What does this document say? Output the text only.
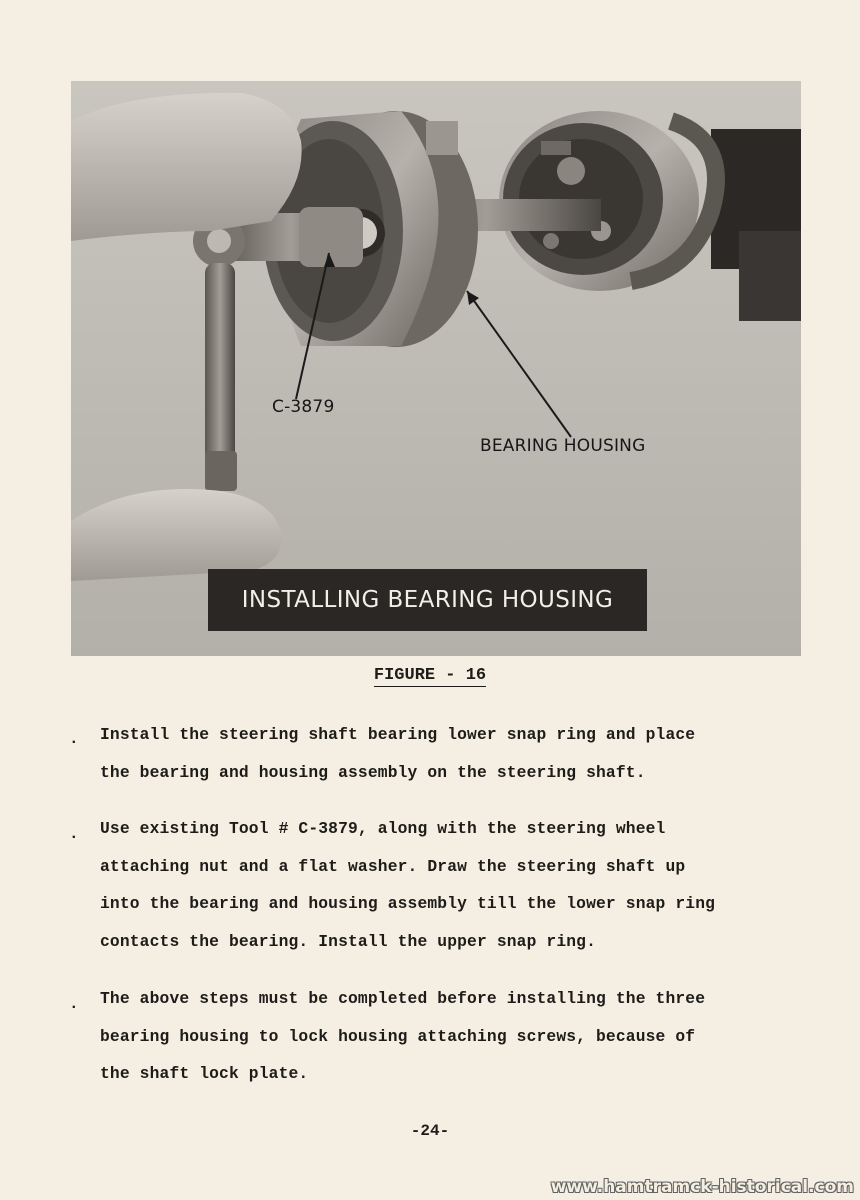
C-3879
BEARING HOUSING
INSTALLING BEARING HOUSING
FIGURE - 16
. Install the steering shaft bearing lower snap ring and place
the bearing and housing assembly on the steering shaft.
. Use existing Tool # C-3879, along with the steering wheel
attaching nut and a flat washer. Draw the steering shaft up
into the bearing and housing assembly till the lower snap ring
contacts the bearing. Install the upper snap ring.
. The above steps must be completed before installing the three
bearing housing to lock housing attaching screws, because of
the shaft lock plate.
-24-
www.hamtramck-historical.com
